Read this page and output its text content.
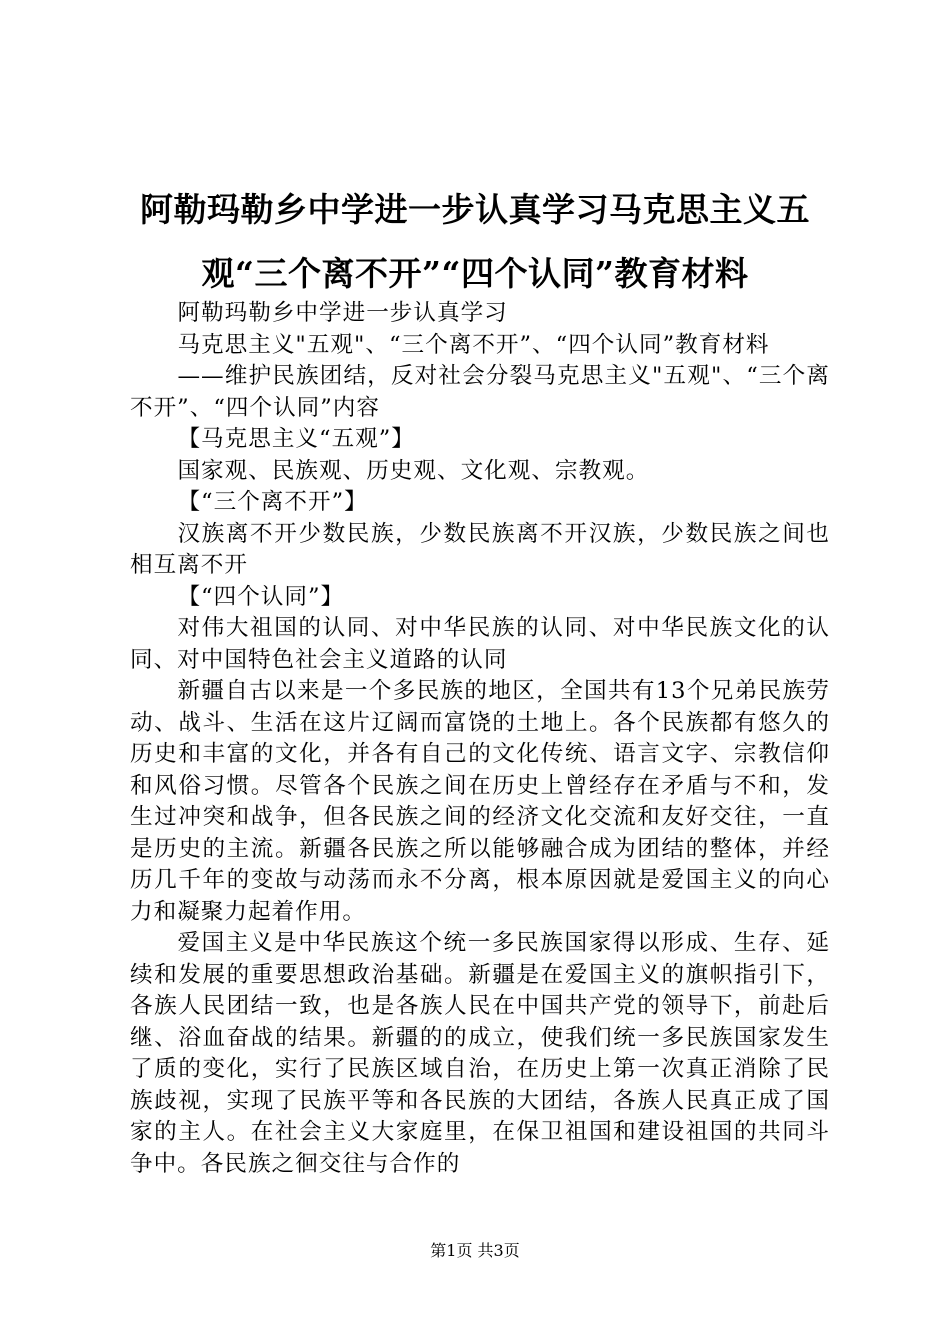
阿勒玛勒乡中学进一步认真学习马克思主义五
观“三个离不开”“四个认同”教育材料

阿勒玛勒乡中学进一步认真学习

马克思主义"五观"、“三个离不开”、“四个认同”教育材料

——维护民族团结，反对社会分裂马克思主义"五观"、“三个离不开”、“四个认同”内容

【马克思主义“五观”】

国家观、民族观、历史观、文化观、宗教观。

【“三个离不开”】

汉族离不开少数民族，少数民族离不开汉族，少数民族之间也相互离不开

【“四个认同”】

对伟大祖国的认同、对中华民族的认同、对中华民族文化的认同、对中国特色社会主义道路的认同

新疆自古以来是一个多民族的地区，全国共有13个兄弟民族劳动、战斗、生活在这片辽阔而富饶的土地上。各个民族都有悠久的历史和丰富的文化，并各有自己的文化传统、语言文字、宗教信仰和风俗习惯。尽管各个民族之间在历史上曾经存在矛盾与不和，发生过冲突和战争，但各民族之间的经济文化交流和友好交往，一直是历史的主流。新疆各民族之所以能够融合成为团结的整体，并经历几千年的变故与动荡而永不分离，根本原因就是爱国主义的向心力和凝聚力起着作用。

爱国主义是中华民族这个统一多民族国家得以形成、生存、延续和发展的重要思想政治基础。新疆是在爱国主义的旗帜指引下，各族人民团结一致，也是各族人民在中国共产党的领导下，前赴后继、浴血奋战的结果。新疆的的成立，使我们统一多民族国家发生了质的变化，实行了民族区域自治，在历史上第一次真正消除了民族歧视，实现了民族平等和各民族的大团结，各族人民真正成了国家的主人。在社会主义大家庭里，在保卫祖国和建设祖国的共同斗争中。各民族之徊交往与合作的

第1页 共3页
